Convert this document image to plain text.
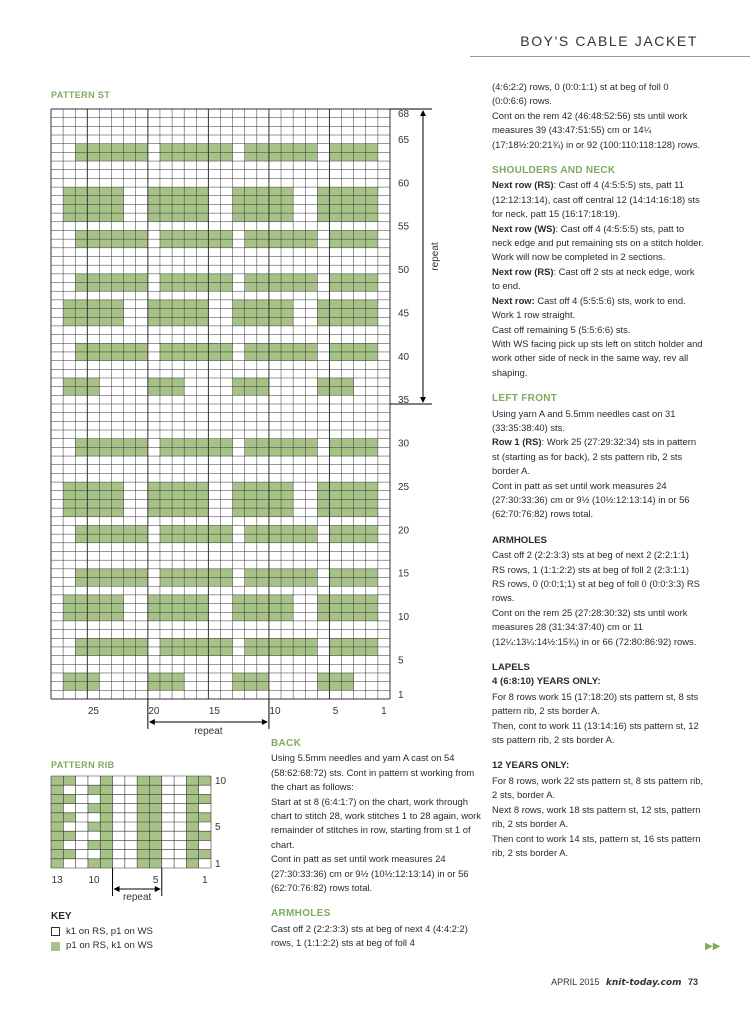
BOY'S CABLE JACKET
PATTERN ST
68
65
60
55
50
45
40
35
30
25
20
15
10
5
1
25	20	15	10	5	1
repeat
repeat
10
5
1
13	10	5	1
repeat
PATTERN RIB
KEY
k1 on RS, p1 on WS
p1 on RS, k1 on WS
BACK

Using 5.5mm needles and yarn A cast on 54 (58:62:68:72) sts. Cont in pattern st working from the chart as follows:

Start at st 8 (6:4:1:7) on the chart, work through chart to stitch 28, work stitches 1 to 28 again, work remainder of stitches in row, starting from st 1 of chart.

Cont in patt as set until work measures 24 (27:30:33:36) cm or 9½ (10½:12:13:14) in or 56 (62:70:76:82) rows total.

ARMHOLES

Cast off 2 (2:2:3:3) sts at beg of next 4 (4:4:2:2) rows, 1 (1:1:2:2) sts at beg of foll 4

(4:6:2:2) rows, 0 (0:0:1:1) st at beg of foll 0 (0:0:6:6) rows.

Cont on the rem 42 (46:48:52:56) sts until work measures 39 (43:47:51:55) cm or 14¼ (17:18½:20:21¾) in or 92 (100:110:118:128) rows.

SHOULDERS AND NECK

Next row (RS): Cast off 4 (4:5:5:5) sts, patt 11 (12:12:13:14), cast off central 12 (14:14:16:18) sts for neck, patt 15 (16:17:18:19).

Next row (WS): Cast off 4 (4:5:5:5) sts, patt to neck edge and put remaining sts on a stitch holder. Work will now be completed in 2 sections.

Next row (RS): Cast off 2 sts at neck edge, work to end.

Next row: Cast off 4 (5:5:5:6) sts, work to end.

Work 1 row straight.

Cast off remaining 5 (5:5:6:6) sts.

With WS facing pick up sts left on stitch holder and work other side of neck in the same way, rev all shaping.

LEFT FRONT

Using yarn A and 5.5mm needles cast on 31 (33:35:38:40) sts.

Row 1 (RS): Work 25 (27:29:32:34) sts in pattern st (starting as for back), 2 sts pattern rib, 2 sts border A.

Cont in patt as set until work measures 24 (27:30:33:36) cm or 9½ (10½:12:13:14) in or 56 (62:70:76:82) rows total.

ARMHOLES

Cast off 2 (2:2:3:3) sts at beg of next 2 (2:2:1:1) RS rows, 1 (1:1:2:2) sts at beg of foll 2 (2:3:1:1) RS rows, 0 (0:0;1;1) st at beg of foll 0 (0:0:3:3) RS rows.

Cont on the rem 25 (27:28:30:32) sts until work measures 28 (31:34:37:40) cm or 11 (12¼:13¼:14½:15¾) in or 66 (72:80:86:92) rows.

LAPELS
4 (6:8:10) YEARS ONLY:

For 8 rows work 15 (17:18:20) sts pattern st, 8 sts pattern rib, 2 sts border A.

Then, cont to work 11 (13:14:16) sts pattern st, 12 sts pattern rib, 2 sts border A.

12 YEARS ONLY:

For 8 rows, work 22 sts pattern st, 8 sts pattern rib, 2 sts, border A.

Next 8 rows, work 18 sts pattern st, 12 sts, pattern rib, 2 sts border A.

Then cont to work 14 sts, pattern st, 16 sts pattern rib, 2 sts border A.

▶▶
APRIL 2015 knit-today.com 73
